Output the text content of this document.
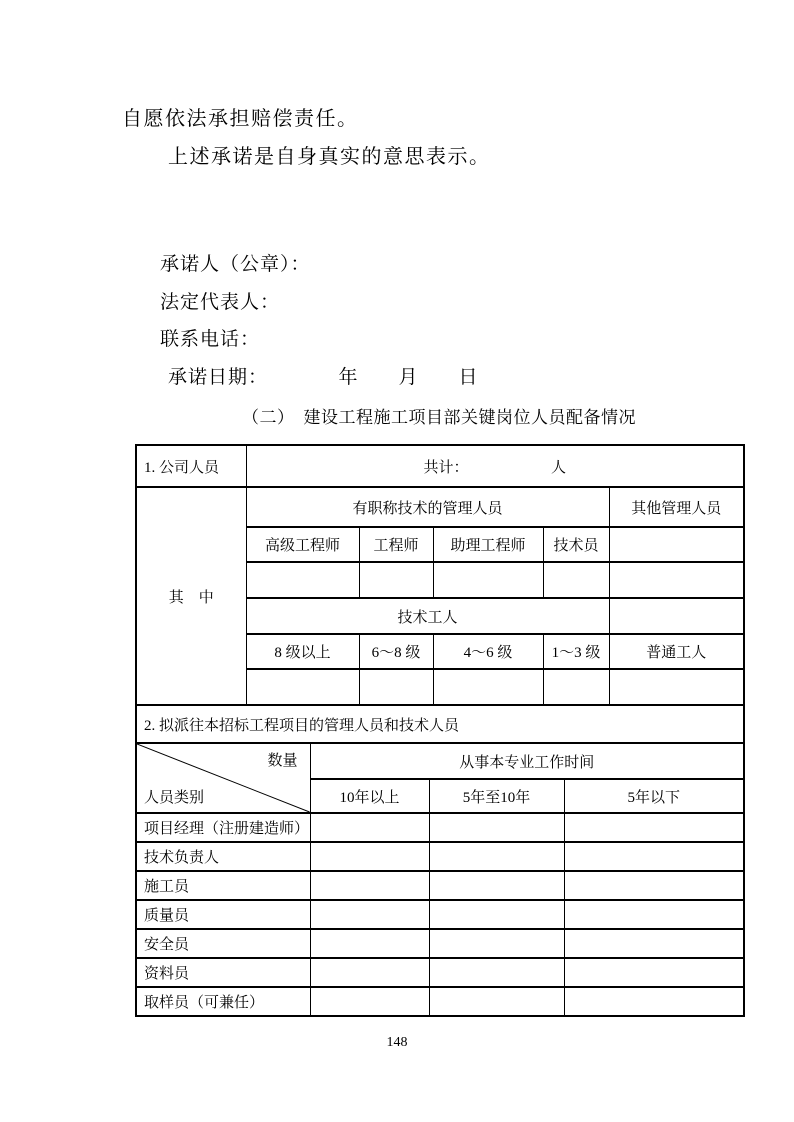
自愿依法承担赔偿责任。
上述承诺是自身真实的意思表示。
承诺人（公章）：
法定代表人：
联系电话：
承诺日期：　　　　年　　月　　日
（二）　建设工程施工项目部关键岗位人员配备情况
1. 公司人员	共计：　　　　　　人				
其　中	有职称技术的管理人员				其他管理人员
	高级工程师	工程师	助理工程师	技术员	

	技术工人				
	8 级以上	6～8 级	4～6 级	1～3 级	普通工人

2. 拟派往本招标工程项目的管理人员和技术人员					
数量
人员类别	从事本专业工作时间		
	10年以上	5年至10年	5年以下
项目经理（注册建造师）			
技术负责人			
施工员			
质量员			
安全员			
资料员			
取样员（可兼任）			
148
